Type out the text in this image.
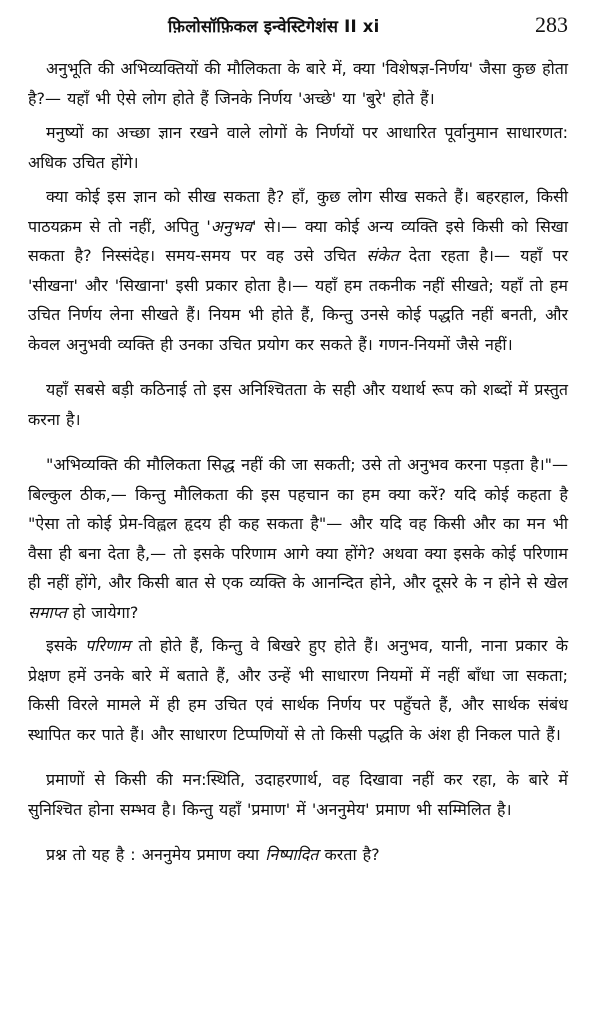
फ़िलोसॉफ़िकल इन्वेस्टिगेशंस II xi	283

अनुभूति की अभिव्यक्तियों की मौलिकता के बारे में, क्या 'विशेषज्ञ-निर्णय' जैसा कुछ होता है?— यहाँ भी ऐसे लोग होते हैं जिनके निर्णय 'अच्छे' या 'बुरे' होते हैं।

मनुष्यों का अच्छा ज्ञान रखने वाले लोगों के निर्णयों पर आधारित पूर्वानुमान साधारणत: अधिक उचित होंगे।

क्या कोई इस ज्ञान को सीख सकता है? हाँ, कुछ लोग सीख सकते हैं। बहरहाल, किसी पाठयक्रम से तो नहीं, अपितु 'अनुभव' से।— क्या कोई अन्य व्यक्ति इसे किसी को सिखा सकता है? निस्संदेह। समय-समय पर वह उसे उचित संकेत देता रहता है।— यहाँ पर 'सीखना' और 'सिखाना' इसी प्रकार होता है।— यहाँ हम तकनीक नहीं सीखते; यहाँ तो हम उचित निर्णय लेना सीखते हैं। नियम भी होते हैं, किन्तु उनसे कोई पद्धति नहीं बनती, और केवल अनुभवी व्यक्ति ही उनका उचित प्रयोग कर सकते हैं। गणन-नियमों जैसे नहीं।

यहाँ सबसे बड़ी कठिनाई तो इस अनिश्चितता के सही और यथार्थ रूप को शब्दों में प्रस्तुत करना है।

"अभिव्यक्ति की मौलिकता सिद्ध नहीं की जा सकती; उसे तो अनुभव करना पड़ता है।"— बिल्कुल ठीक,— किन्तु मौलिकता की इस पहचान का हम क्या करें? यदि कोई कहता है "ऐसा तो कोई प्रेम-विह्वल हृदय ही कह सकता है"— और यदि वह किसी और का मन भी वैसा ही बना देता है,— तो इसके परिणाम आगे क्या होंगे? अथवा क्या इसके कोई परिणाम ही नहीं होंगे, और किसी बात से एक व्यक्ति के आनन्दित होने, और दूसरे के न होने से खेल समाप्त हो जायेगा?

इसके परिणाम तो होते हैं, किन्तु वे बिखरे हुए होते हैं। अनुभव, यानी, नाना प्रकार के प्रेक्षण हमें उनके बारे में बताते हैं, और उन्हें भी साधारण नियमों में नहीं बाँधा जा सकता; किसी विरले मामले में ही हम उचित एवं सार्थक निर्णय पर पहुँचते हैं, और सार्थक संबंध स्थापित कर पाते हैं। और साधारण टिप्पणियों से तो किसी पद्धति के अंश ही निकल पाते हैं।

प्रमाणों से किसी की मन:स्थिति, उदाहरणार्थ, वह दिखावा नहीं कर रहा, के बारे में सुनिश्चित होना सम्भव है। किन्तु यहाँ 'प्रमाण' में 'अननुमेय' प्रमाण भी सम्मिलित है।

प्रश्न तो यह है : अननुमेय प्रमाण क्या निष्पादित करता है?
